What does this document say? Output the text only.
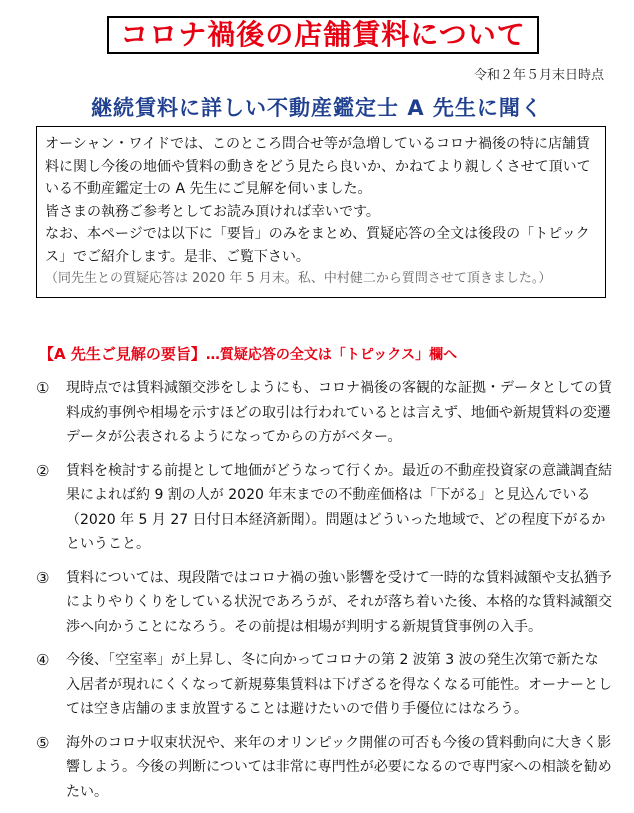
コロナ禍後の店舗賃料について
令和２年５月末日時点
継続賃料に詳しい不動産鑑定士 A 先生に聞く

オーシャン・ワイドでは、このところ問合せ等が急増しているコロナ禍後の特に店舗賃料に関し今後の地価や賃料の動きをどう見たら良いか、かねてより親しくさせて頂いている不動産鑑定士の A 先生にご見解を伺いました。

皆さまの執務ご参考としてお読み頂ければ幸いです。

なお、本ページでは以下に「要旨」のみをまとめ、質疑応答の全文は後段の「トピックス」でご紹介します。是非、ご覧下さい。

（同先生との質疑応答は 2020 年 5 月末。私、中村健二から質問させて頂きました。）

【A 先生ご見解の要旨】…質疑応答の全文は「トピックス」欄へ
①	現時点では賃料減額交渉をしようにも、コロナ禍後の客観的な証拠・データとしての賃料成約事例や相場を示すほどの取引は行われているとは言えず、地価や新規賃料の変遷データが公表されるようになってからの方がベター。
②	賃料を検討する前提として地価がどうなって行くか。最近の不動産投資家の意識調査結果によれば約 9 割の人が 2020 年末までの不動産価格は「下がる」と見込んでいる（2020 年 5 月 27 日付日本経済新聞）。問題はどういった地域で、どの程度下がるかということ。
③	賃料については、現段階ではコロナ禍の強い影響を受けて一時的な賃料減額や支払猶予によりやりくりをしている状況であろうが、それが落ち着いた後、本格的な賃料減額交渉へ向かうことになろう。その前提は相場が判明する新規賃貸事例の入手。
④	今後、「空室率」が上昇し、冬に向かってコロナの第 2 波第 3 波の発生次第で新たな入居者が現れにくくなって新規募集賃料は下げざるを得なくなる可能性。オーナーとしては空き店舗のまま放置することは避けたいので借り手優位にはなろう。
⑤	海外のコロナ収束状況や、来年のオリンピック開催の可否も今後の賃料動向に大きく影響しよう。今後の判断については非常に専門性が必要になるので専門家への相談を勧めたい。
